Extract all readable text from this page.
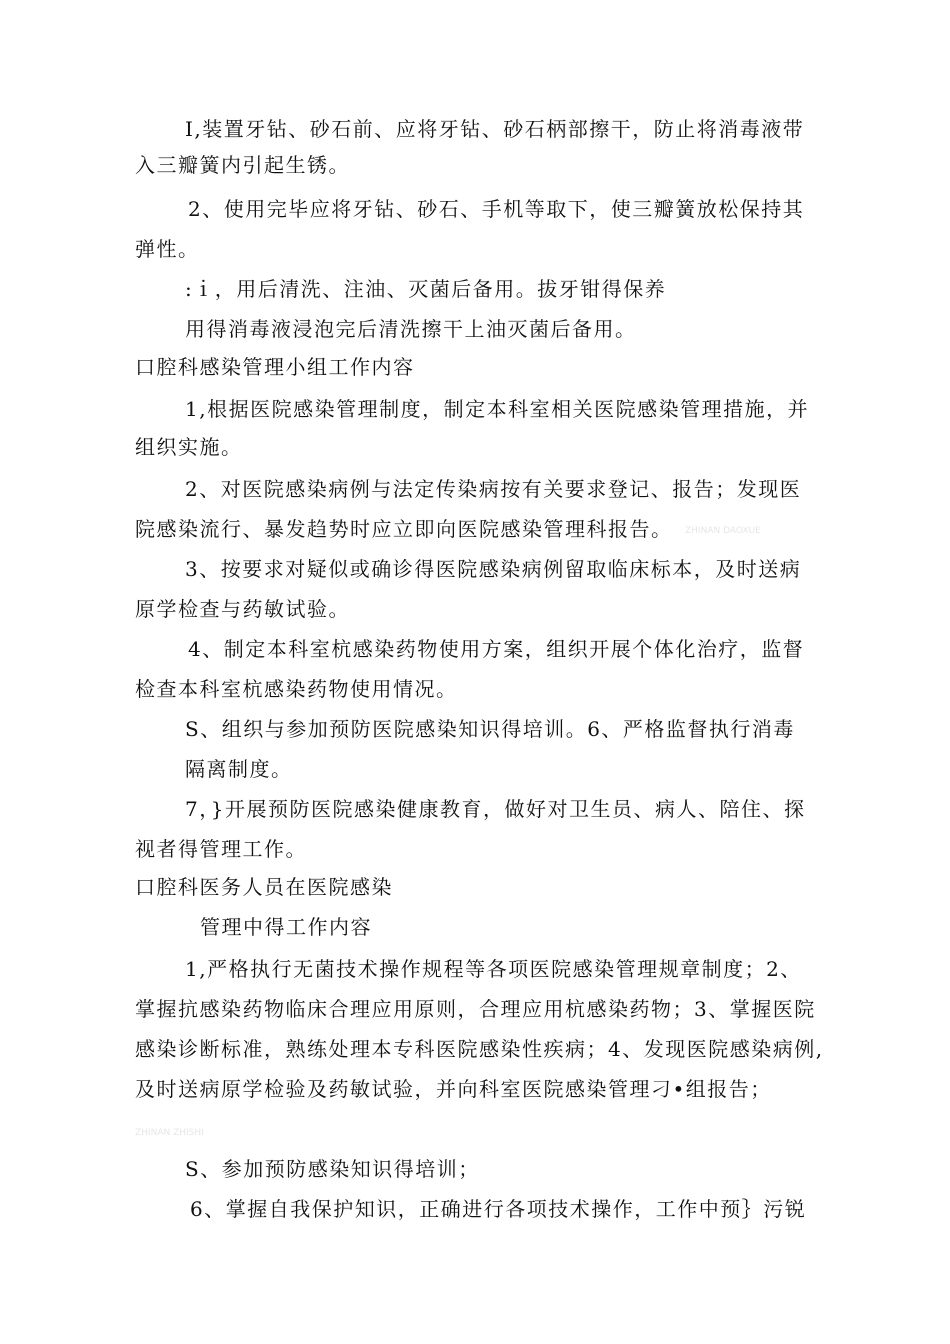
Ⅰ,装置牙钻、砂石前、应将牙钻、砂石柄部擦干，防止将消毒液带
入三瓣簧内引起生锈。
2、使用完毕应将牙钻、砂石、手机等取下，使三瓣簧放松保持其
弹性。
:ｉ，用后清洗、注油、灭菌后备用。拔牙钳得保养
用得消毒液浸泡完后清洗擦干上油灭菌后备用。
口腔科感染管理小组工作内容
1,根据医院感染管理制度，制定本科室相关医院感染管理措施，并
组织实施。
2、对医院感染病例与法定传染病按有关要求登记、报告；发现医
院感染流行、暴发趋势时应立即向医院感染管理科报告。 ZHINAN DAOXUE
3、按要求对疑似或确诊得医院感染病例留取临床标本，及时送病
原学检查与药敏试验。
4、制定本科室杭感染药物使用方案，组织开展个体化治疗，监督
检查本科室杭感染药物使用情况。
S、组织与参加预防医院感染知识得培训。6、严格监督执行消毒
隔离制度。
7，}开展预防医院感染健康教育，做好对卫生员、病人、陪住、探
视者得管理工作。
口腔科医务人员在医院感染
管理中得工作内容
1,严格执行无菌技术操作规程等各项医院感染管理规章制度；2、
掌握抗感染药物临床合理应用原则，合理应用杭感染药物；3、掌握医院
感染诊断标准，熟练处理本专科医院感染性疾病；4、发现医院感染病例,
及时送病原学检验及药敏试验，并向科室医院感染管理刁•组报告；
ZHINAN ZHISHI
S、参加预防感染知识得培训；
6、掌握自我保护知识，正确进行各项技术操作，工作中预｝污锐
